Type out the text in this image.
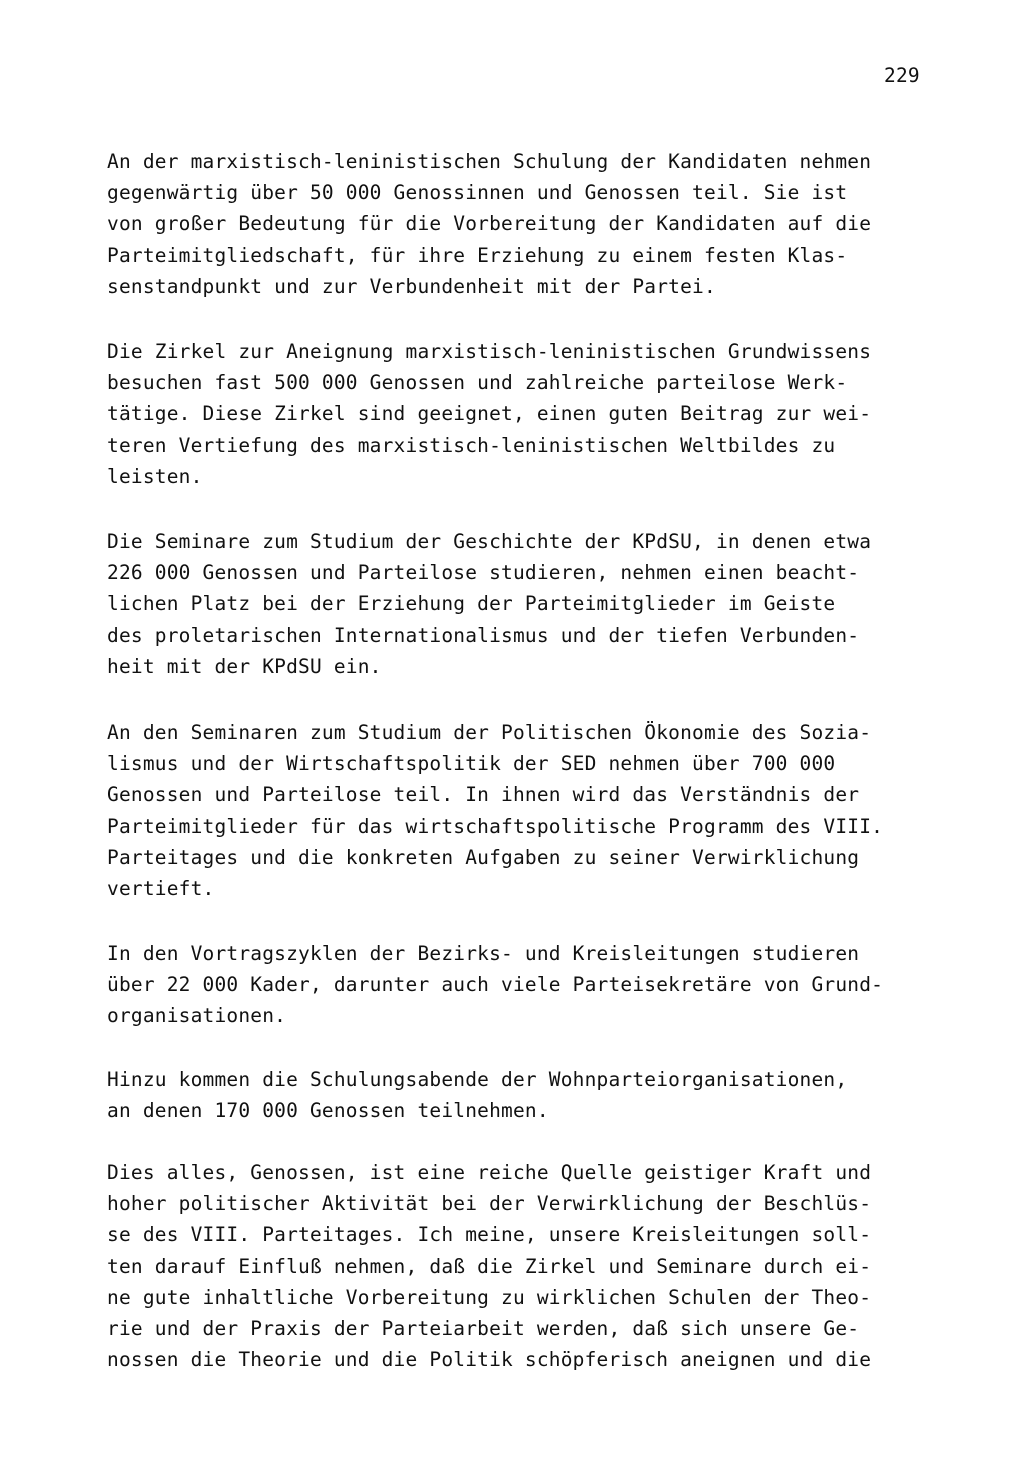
229
An der marxistisch-leninistischen Schulung der Kandidaten nehmen
gegenwärtig über 50 000 Genossinnen und Genossen teil. Sie ist
von großer Bedeutung für die Vorbereitung der Kandidaten auf die
Parteimitgliedschaft, für ihre Erziehung zu einem festen Klas-
senstandpunkt und zur Verbundenheit mit der Partei.
Die Zirkel zur Aneignung marxistisch-leninistischen Grundwissens
besuchen fast 500 000 Genossen und zahlreiche parteilose Werk-
tätige. Diese Zirkel sind geeignet, einen guten Beitrag zur wei-
teren Vertiefung des marxistisch-leninistischen Weltbildes zu
leisten.
Die Seminare zum Studium der Geschichte der KPdSU, in denen etwa
226 000 Genossen und Parteilose studieren, nehmen einen beacht-
lichen Platz bei der Erziehung der Parteimitglieder im Geiste
des proletarischen Internationalismus und der tiefen Verbunden-
heit mit der KPdSU ein.
An den Seminaren zum Studium der Politischen Ökonomie des Sozia-
lismus und der Wirtschaftspolitik der SED nehmen über 700 000
Genossen und Parteilose teil. In ihnen wird das Verständnis der
Parteimitglieder für das wirtschaftspolitische Programm des VIII.
Parteitages und die konkreten Aufgaben zu seiner Verwirklichung
vertieft.
In den Vortragszyklen der Bezirks- und Kreisleitungen studieren
über 22 000 Kader, darunter auch viele Parteisekretäre von Grund-
organisationen.
Hinzu kommen die Schulungsabende der Wohnparteiorganisationen,
an denen 170 000 Genossen teilnehmen.
Dies alles, Genossen, ist eine reiche Quelle geistiger Kraft und
hoher politischer Aktivität bei der Verwirklichung der Beschlüs-
se des VIII. Parteitages. Ich meine, unsere Kreisleitungen soll-
ten darauf Einfluß nehmen, daß die Zirkel und Seminare durch ei-
ne gute inhaltliche Vorbereitung zu wirklichen Schulen der Theo-
rie und der Praxis der Parteiarbeit werden, daß sich unsere Ge-
nossen die Theorie und die Politik schöpferisch aneignen und die
